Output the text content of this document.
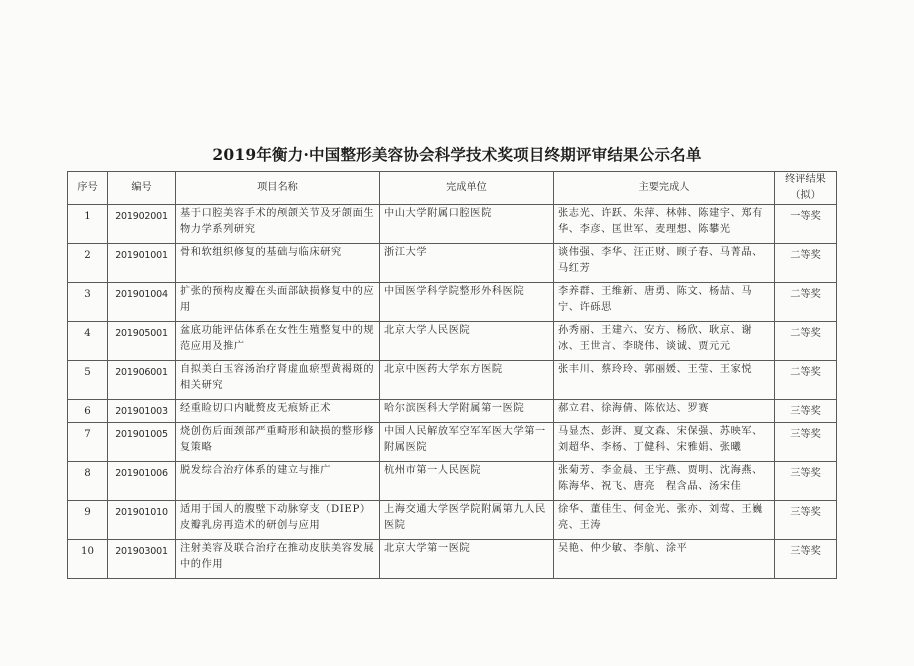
2019年衡力·中国整形美容协会科学技术奖项目终期评审结果公示名单
序号	编号	项目名称	完成单位	主要完成人	终评结果（拟）
1	201902001	基于口腔美容手术的颅颌关节及牙颌面生物力学系列研究	中山大学附属口腔医院	张志光、许跃、朱萍、林韩、陈建宇、郑有华、李彦、匡世军、麦理想、陈攀光	一等奖
2	201901001	骨和软组织修复的基础与临床研究	浙江大学	谈伟强、李华、汪正财、顾子春、马菁晶、马红芳	二等奖
3	201901004	扩张的预构皮瓣在头面部缺损修复中的应用	中国医学科学院整形外科医院	李养群、王维新、唐勇、陈文、杨喆、马宁、许砾思	二等奖
4	201905001	盆底功能评估体系在女性生殖整复中的规范应用及推广	北京大学人民医院	孙秀丽、王建六、安方、杨欣、耿京、谢冰、王世言、李晓伟、谈诚、贾元元	二等奖
5	201906001	自拟美白玉容汤治疗肾虚血瘀型黄褐斑的相关研究	北京中医药大学东方医院	张丰川、蔡玲玲、郭丽媛、王莹、王家悦	二等奖
6	201901003	经重睑切口内眦赘皮无痕矫正术	哈尔滨医科大学附属第一医院	郝立君、徐海倩、陈依达、罗赛	三等奖
7	201901005	烧创伤后面颈部严重畸形和缺损的整形修复策略	中国人民解放军空军军医大学第一附属医院	马显杰、彭湃、夏文森、宋保强、苏映军、刘超华、李杨、丁健科、宋雅娟、张曦	三等奖
8	201901006	脱发综合治疗体系的建立与推广	杭州市第一人民医院	张菊芳、李金晨、王宇燕、贾明、沈海燕、陈海华、祝飞、唐亮　程含晶、汤宋佳	三等奖
9	201901010	适用于国人的腹壁下动脉穿支（DIEP）皮瓣乳房再造术的研创与应用	上海交通大学医学院附属第九人民医院	徐华、董佳生、何金光、张亦、刘莺、王巍亮、王涛	三等奖
10	201903001	注射美容及联合治疗在推动皮肤美容发展中的作用	北京大学第一医院	吴艳、仲少敏、李航、涂平	三等奖
